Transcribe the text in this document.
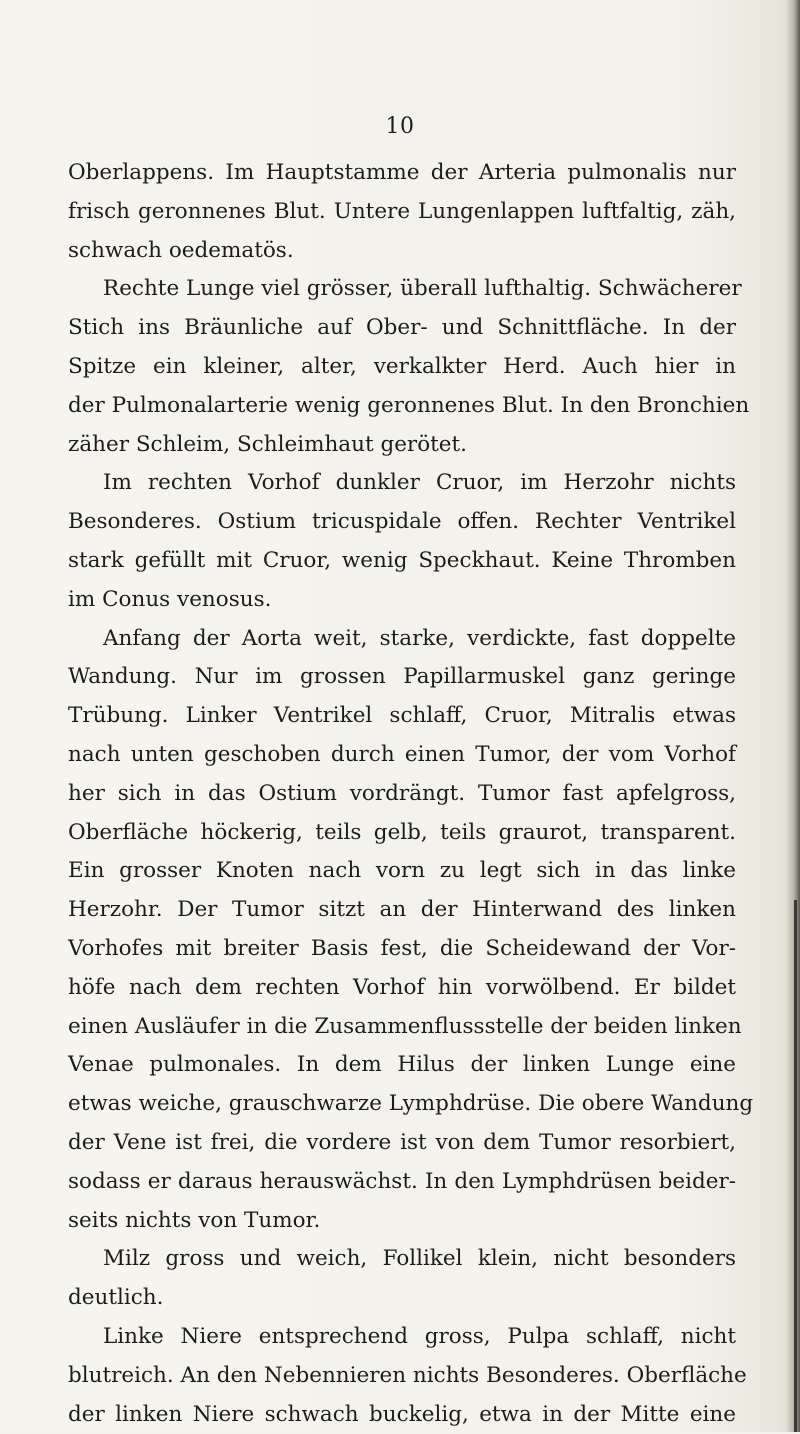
10
Oberlappens. Im Hauptstamme der Arteria pulmonalis nur
frisch geronnenes Blut. Untere Lungenlappen luftfaltig, zäh,
schwach oedematös.
Rechte Lunge viel grösser, überall lufthaltig. Schwächerer
Stich ins Bräunliche auf Ober- und Schnittfläche. In der
Spitze ein kleiner, alter, verkalkter Herd. Auch hier in
der Pulmonalarterie wenig geronnenes Blut. In den Bronchien
zäher Schleim, Schleimhaut gerötet.
Im rechten Vorhof dunkler Cruor, im Herzohr nichts
Besonderes. Ostium tricuspidale offen. Rechter Ventrikel
stark gefüllt mit Cruor, wenig Speckhaut. Keine Thromben
im Conus venosus.
Anfang der Aorta weit, starke, verdickte, fast doppelte
Wandung. Nur im grossen Papillarmuskel ganz geringe
Trübung. Linker Ventrikel schlaff, Cruor, Mitralis etwas
nach unten geschoben durch einen Tumor, der vom Vorhof
her sich in das Ostium vordrängt. Tumor fast apfelgross,
Oberfläche höckerig, teils gelb, teils graurot, transparent.
Ein grosser Knoten nach vorn zu legt sich in das linke
Herzohr. Der Tumor sitzt an der Hinterwand des linken
Vorhofes mit breiter Basis fest, die Scheidewand der Vor-
höfe nach dem rechten Vorhof hin vorwölbend. Er bildet
einen Ausläufer in die Zusammenflussstelle der beiden linken
Venae pulmonales. In dem Hilus der linken Lunge eine
etwas weiche, grauschwarze Lymphdrüse. Die obere Wandung
der Vene ist frei, die vordere ist von dem Tumor resorbiert,
sodass er daraus herauswächst. In den Lymphdrüsen beider-
seits nichts von Tumor.
Milz gross und weich, Follikel klein, nicht besonders
deutlich.
Linke Niere entsprechend gross, Pulpa schlaff, nicht
blutreich. An den Nebennieren nichts Besonderes. Oberfläche
der linken Niere schwach buckelig, etwa in der Mitte eine
